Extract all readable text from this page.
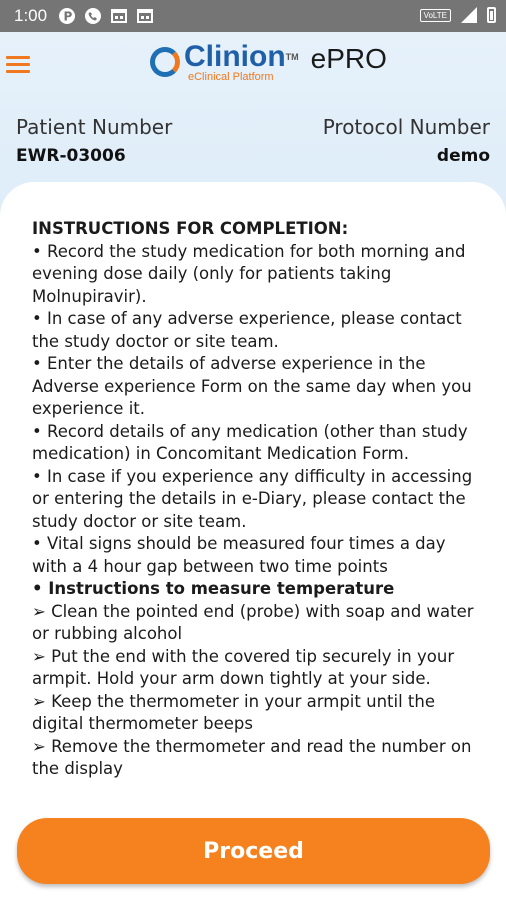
1:00 P	VoLTE
Clinion™
eClinical Platform
ePRO
Patient Number
EWR-03006
Protocol Number
demo

INSTRUCTIONS FOR COMPLETION:

• Record the study medication for both morning and evening dose daily (only for patients taking Molnupiravir).

• In case of any adverse experience, please contact the study doctor or site team.

• Enter the details of adverse experience in the Adverse experience Form on the same day when you experience it.

• Record details of any medication (other than study medication) in Concomitant Medication Form.

• In case if you experience any difficulty in accessing or entering the details in e-Diary, please contact the study doctor or site team.

• Vital signs should be measured four times a day with a 4 hour gap between two time points

• Instructions to measure temperature

➢ Clean the pointed end (probe) with soap and water or rubbing alcohol

➢ Put the end with the covered tip securely in your armpit. Hold your arm down tightly at your side.

➢ Keep the thermometer in your armpit until the digital thermometer beeps

➢ Remove the thermometer and read the number on the display

Proceed
